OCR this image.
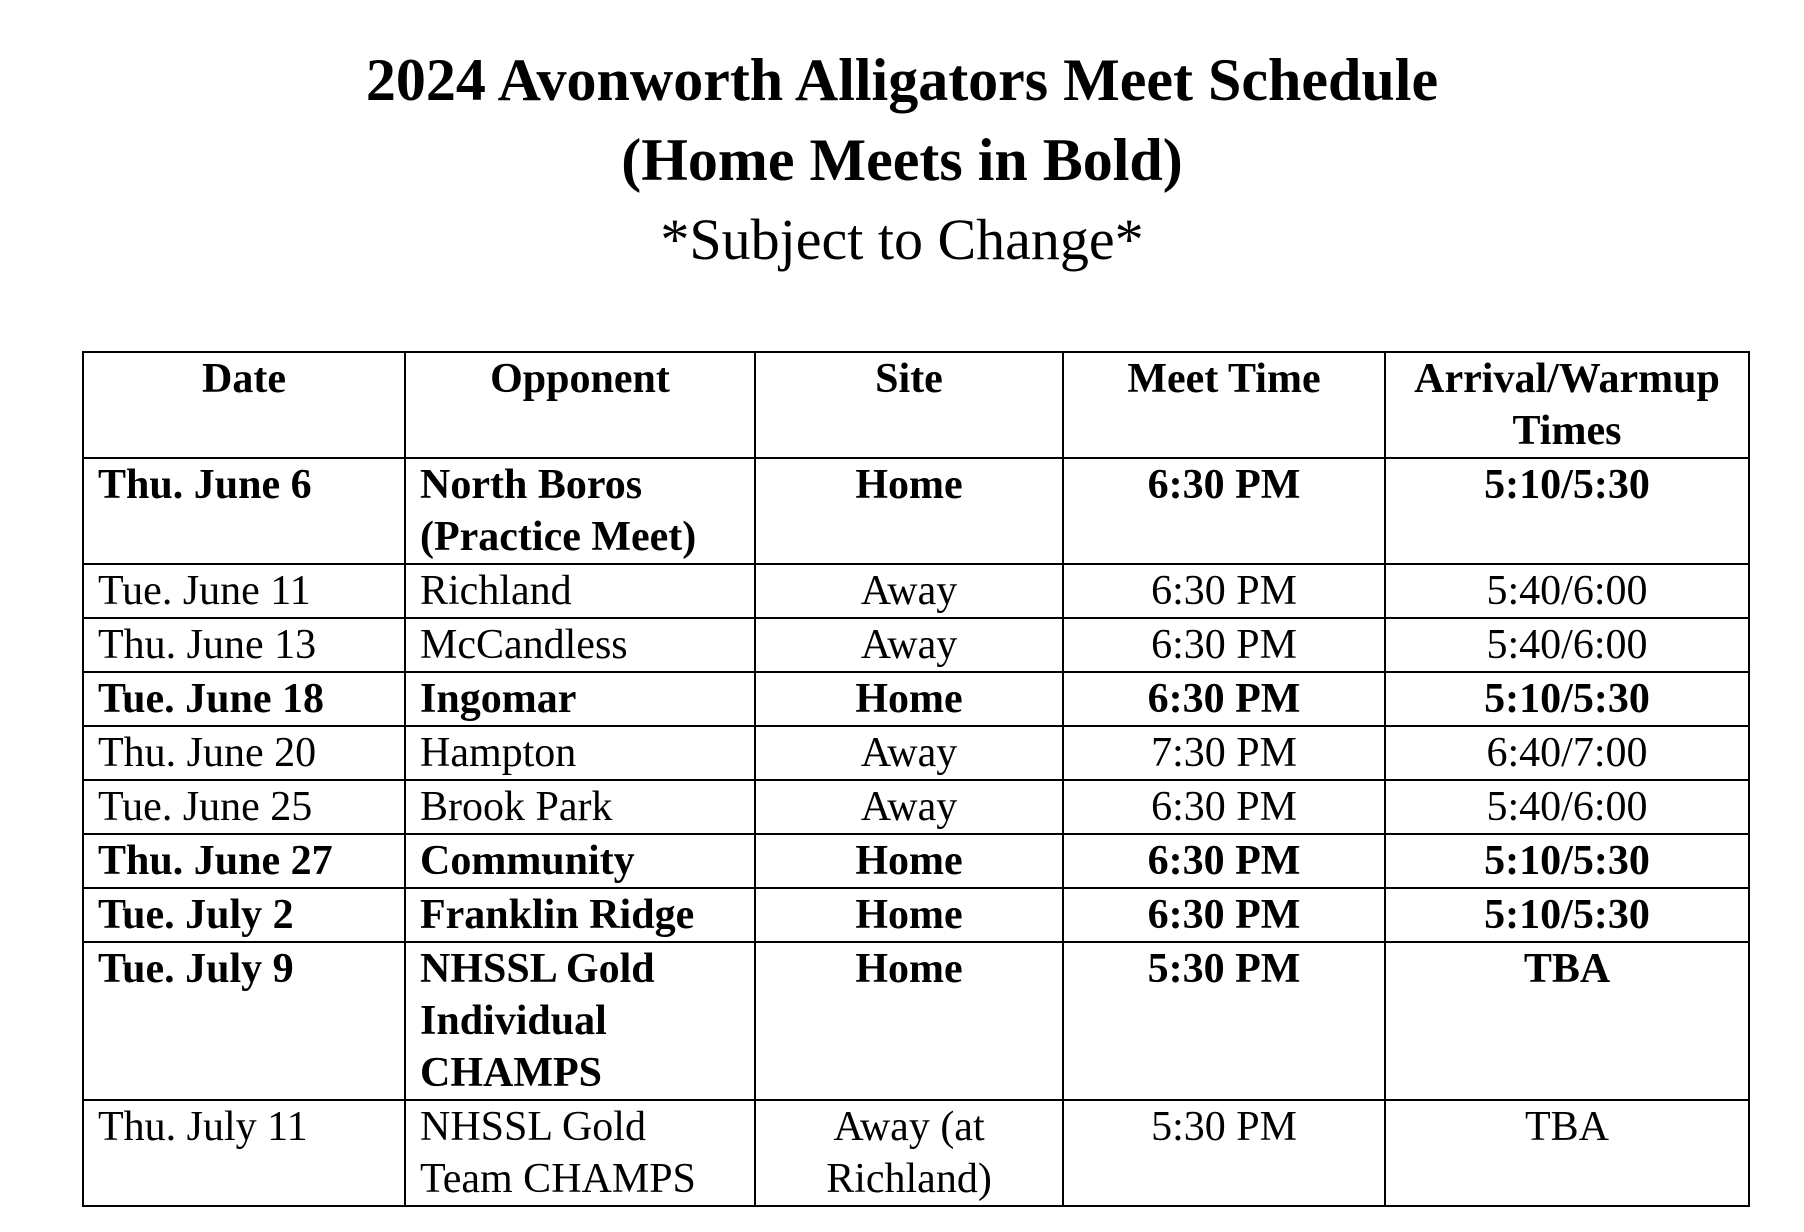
2024 Avonworth Alligators Meet Schedule

(Home Meets in Bold)

*Subject to Change*

Date	Opponent	Site	Meet Time	Arrival/Warmup Times
Thu. June 6	North Boros (Practice Meet)	Home	6:30 PM	5:10/5:30
Tue. June 11	Richland	Away	6:30 PM	5:40/6:00
Thu. June 13	McCandless	Away	6:30 PM	5:40/6:00
Tue. June 18	Ingomar	Home	6:30 PM	5:10/5:30
Thu. June 20	Hampton	Away	7:30 PM	6:40/7:00
Tue. June 25	Brook Park	Away	6:30 PM	5:40/6:00
Thu. June 27	Community	Home	6:30 PM	5:10/5:30
Tue. July 2	Franklin Ridge	Home	6:30 PM	5:10/5:30
Tue. July 9	NHSSL Gold Individual CHAMPS	Home	5:30 PM	TBA
Thu. July 11	NHSSL Gold Team CHAMPS	Away (at Richland)	5:30 PM	TBA
